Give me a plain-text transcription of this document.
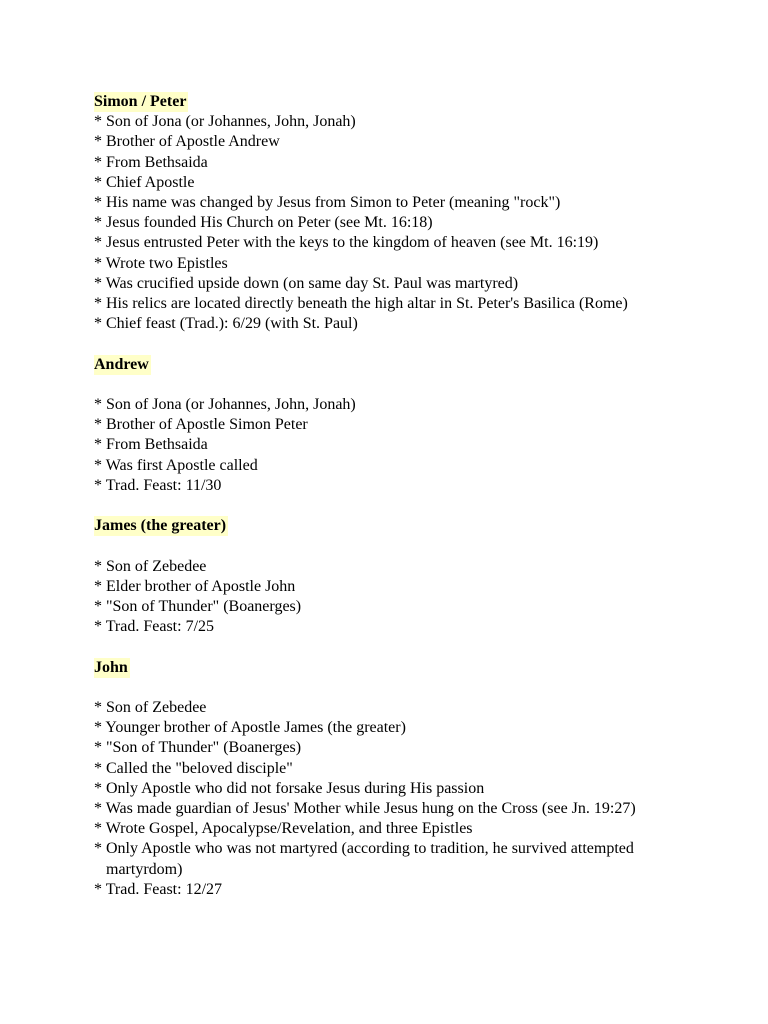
Simon / Peter
* Son of Jona (or Johannes, John, Jonah)
* Brother of Apostle Andrew
* From Bethsaida
* Chief Apostle
* His name was changed by Jesus from Simon to Peter (meaning "rock")
* Jesus founded His Church on Peter (see Mt. 16:18)
* Jesus entrusted Peter with the keys to the kingdom of heaven (see Mt. 16:19)
* Wrote two Epistles
* Was crucified upside down (on same day St. Paul was martyred)
* His relics are located directly beneath the high altar in St. Peter's Basilica (Rome)
* Chief feast (Trad.): 6/29 (with St. Paul)
Andrew
* Son of Jona (or Johannes, John, Jonah)
* Brother of Apostle Simon Peter
* From Bethsaida
* Was first Apostle called
* Trad. Feast: 11/30
James (the greater)
* Son of Zebedee
* Elder brother of Apostle John
* "Son of Thunder" (Boanerges)
* Trad. Feast: 7/25
John
* Son of Zebedee
* Younger brother of Apostle James (the greater)
* "Son of Thunder" (Boanerges)
* Called the "beloved disciple"
* Only Apostle who did not forsake Jesus during His passion
* Was made guardian of Jesus' Mother while Jesus hung on the Cross (see Jn. 19:27)
* Wrote Gospel, Apocalypse/Revelation, and three Epistles
* Only Apostle who was not martyred (according to tradition, he survived attempted martyrdom)
* Trad. Feast: 12/27
